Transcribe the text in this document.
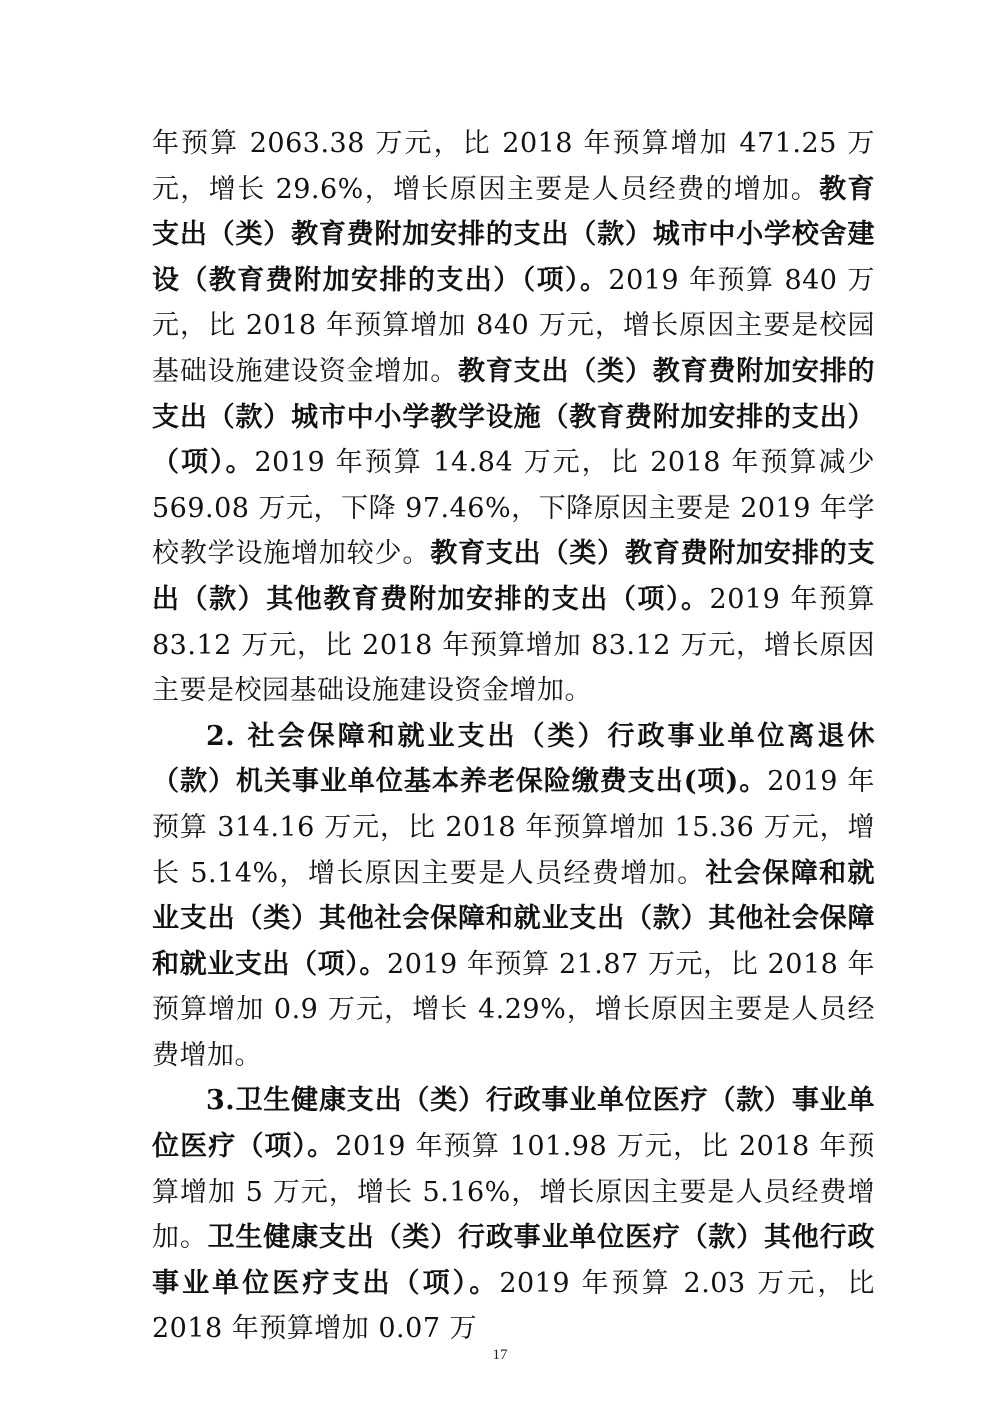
年预算 2063.38 万元，比 2018 年预算增加 471.25 万元，增长 29.6%，增长原因主要是人员经费的增加。教育支出（类）教育费附加安排的支出（款）城市中小学校舍建设（教育费附加安排的支出）（项）。2019 年预算 840 万元，比 2018 年预算增加 840 万元，增长原因主要是校园基础设施建设资金增加。教育支出（类）教育费附加安排的支出（款）城市中小学教学设施（教育费附加安排的支出）（项）。2019 年预算 14.84 万元，比 2018 年预算减少 569.08 万元，下降 97.46%，下降原因主要是 2019 年学校教学设施增加较少。教育支出（类）教育费附加安排的支出（款）其他教育费附加安排的支出（项）。2019 年预算 83.12 万元，比 2018 年预算增加 83.12 万元，增长原因主要是校园基础设施建设资金增加。

2. 社会保障和就业支出（类）行政事业单位离退休（款）机关事业单位基本养老保险缴费支出(项)。2019 年预算 314.16 万元，比 2018 年预算增加 15.36 万元，增长 5.14%，增长原因主要是人员经费增加。社会保障和就业支出（类）其他社会保障和就业支出（款）其他社会保障和就业支出（项）。2019 年预算 21.87 万元，比 2018 年预算增加 0.9 万元，增长 4.29%，增长原因主要是人员经费增加。

3.卫生健康支出（类）行政事业单位医疗（款）事业单位医疗（项）。2019 年预算 101.98 万元，比 2018 年预算增加 5 万元，增长 5.16%，增长原因主要是人员经费增加。卫生健康支出（类）行政事业单位医疗（款）其他行政事业单位医疗支出（项）。2019 年预算 2.03 万元，比 2018 年预算增加 0.07 万

17
